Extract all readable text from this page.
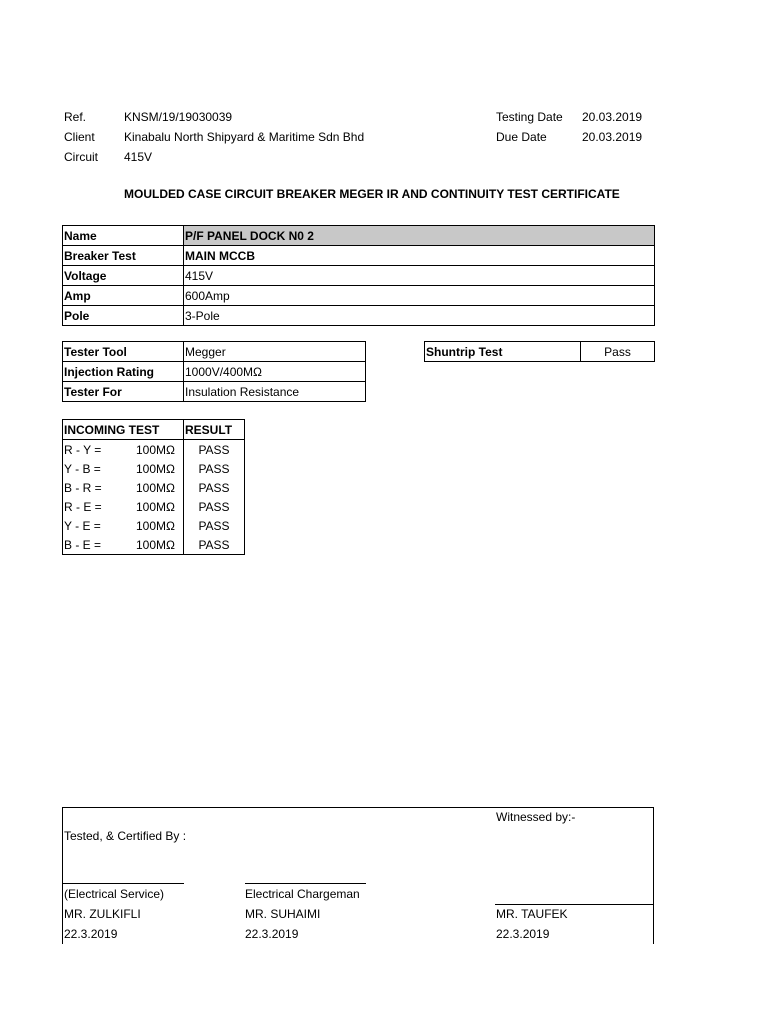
Ref.	KNSM/19/19030039
Client Kinabalu North Shipyard & Maritime Sdn Bhd
Circuit 415V
Testing Date 20.03.2019
Due Date	20.03.2019
MOULDED CASE CIRCUIT BREAKER MEGER IR AND CONTINUITY TEST CERTIFICATE
Name	P/F PANEL DOCK N0 2
Breaker Test	MAIN MCCB
Voltage	415V
Amp	600Amp
Pole	3-Pole
Tester Tool	Megger
Injection Rating	1000V/400MΩ
Tester For	Insulation Resistance
Shuntrip Test	Pass
INCOMING TEST		RESULT
R - Y =	100MΩ	PASS
Y - B =	100MΩ	PASS
B - R =	100MΩ	PASS
R - E =	100MΩ	PASS
Y - E =	100MΩ	PASS
B - E =	100MΩ	PASS
Witnessed by:-
Tested, & Certified By :
(Electrical Service)
MR. ZULKIFLI
22.3.2019
Electrical Chargeman
MR. SUHAIMI
22.3.2019
MR. TAUFEK
22.3.2019
